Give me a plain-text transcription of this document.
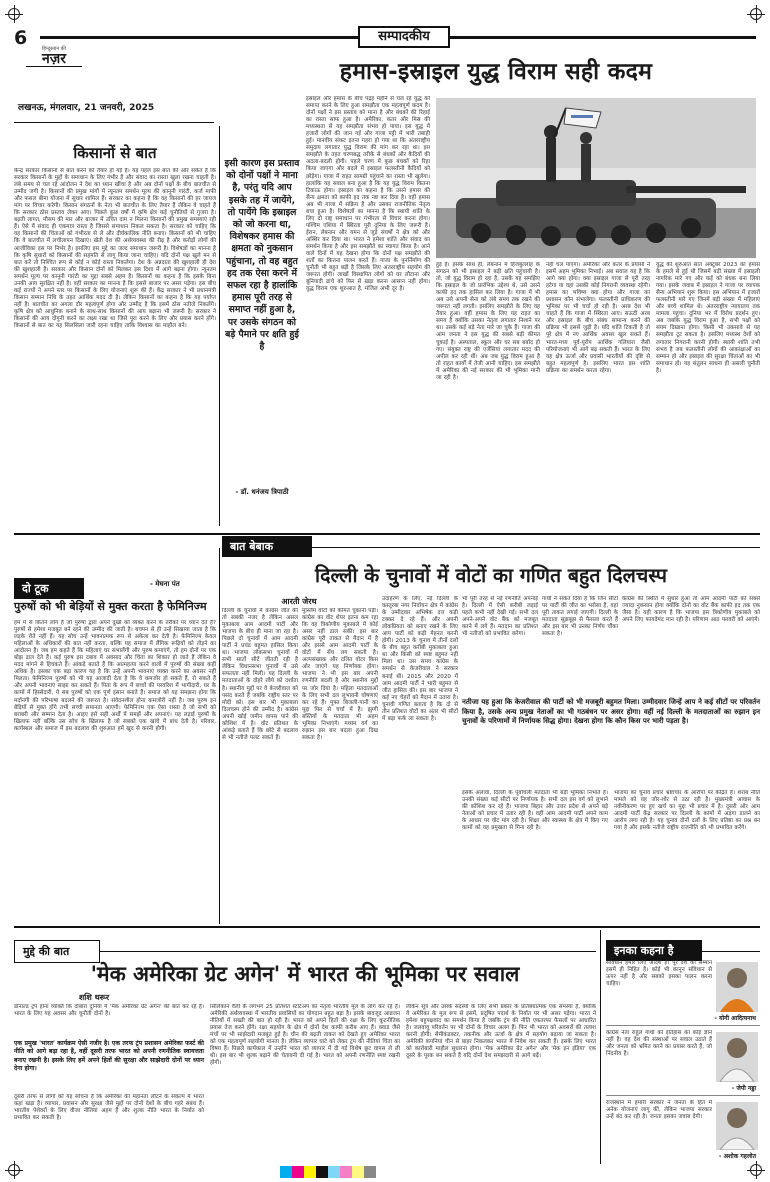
6	सम्पादकीय
हिन्दुस्तान की
नज़र
लखनऊ, मंगलवार, 21 जनवरी, 2025
हमास-इस्राइल युद्ध विराम सही कदम
किसानों से बात
केन्द्र सरकार किसानों से बात करने को तैयार हो गई है। यह पहल इस बात की ओर संकेत है कि सरकार किसानों के मुद्दों के समाधान के लिए गंभीर है और संवाद का रास्ता खुला रखना चाहती है। लंबे समय से चल रहे आंदोलन ने देश का ध्यान खींचा है और अब दोनों पक्षों के बीच बातचीत से उम्मीद जगी है। किसानों की प्रमुख मांगों में न्यूनतम समर्थन मूल्य की कानूनी गारंटी, कर्ज माफी और फसल बीमा योजना में सुधार शामिल हैं। सरकार का कहना है कि वह किसानों की हर जायज मांग पर विचार करेगी। किसान संगठनों के नेता भी बातचीत के लिए तैयार हैं लेकिन वे चाहते हैं कि सरकार ठोस प्रस्ताव लेकर आए। पिछले कुछ वर्षों में कृषि क्षेत्र कई चुनौतियों से गुजरा है। बढ़ती लागत, मौसम की मार और बाजार में उचित दाम न मिलना किसानों की प्रमुख समस्याएं रही हैं। ऐसे में संवाद ही एकमात्र रास्ता है जिससे समाधान निकल सकता है। सरकार को चाहिए कि वह किसानों की चिंताओं को गंभीरता से ले और दीर्घकालिक नीति बनाए। किसानों को भी चाहिए कि वे बातचीत में लचीलापन दिखाएं। खेती देश की अर्थव्यवस्था की रीढ़ है और करोड़ों लोगों की आजीविका इस पर निर्भर है। इसलिए इस मुद्दे का जल्द समाधान जरूरी है। विशेषज्ञों का मानना है कि कृषि सुधारों को किसानों की सहमति से लागू किया जाना चाहिए। यदि दोनों पक्ष खुले मन से बात करें तो निश्चित रूप से कोई न कोई रास्ता निकलेगा। देश के अन्नदाता की खुशहाली ही देश की खुशहाली है। सरकार और किसान दोनों को मिलकर इस दिशा में आगे बढ़ना होगा। न्यूनतम समर्थन मूल्य पर कानूनी गारंटी का मुद्दा सबसे अहम है। किसानों का कहना है कि इसके बिना उनकी आय सुरक्षित नहीं है। वहीं सरकार का मानना है कि इससे बाजार पर असर पड़ेगा। इस बीच कई राज्यों ने अपने स्तर पर किसानों के लिए योजनाएं शुरू की हैं। केंद्र सरकार ने भी प्रधानमंत्री किसान सम्मान निधि के तहत आर्थिक मदद दी है। लेकिन किसानों का कहना है कि यह पर्याप्त नहीं है। बातचीत का अगला दौर महत्वपूर्ण होगा और उम्मीद है कि इसमें ठोस नतीजे निकलेंगे। कृषि क्षेत्र को आधुनिक बनाने के साथ-साथ किसानों की आय बढ़ाना भी जरूरी है। सरकार ने किसानों की आय दोगुनी करने का लक्ष्य रखा था जिसे पूरा करने के लिए और प्रयास करने होंगे। किसानों से बात का यह सिलसिला जारी रहना चाहिए ताकि विश्वास का माहौल बने।
इसी कारण इस प्रस्ताव को दोनों पक्षों ने माना है, परंतु यदि आप इसके तह में जायेंगे, तो पायेंगे कि इस्राइल को जो करना था, विशेषकर हमास की क्षमता को नुकसान पहुंचाना, तो वह बहुत हद तक ऐसा करने में सफल रहा है हालांकि हमास पूरी तरह से समाप्त नहीं हुआ है, पर उसके संगठन को बड़े पैमाने पर क्षति हुई है
- डॉ. धनंजय त्रिपाठी
इस्राइल और हमास के बीच पंद्रह महीने से चल रहे युद्ध को समाप्त करने के लिए हुआ समझौता एक महत्वपूर्ण कदम है। दोनों पक्षों ने इस प्रस्ताव को माना है और बंधकों की रिहाई का रास्ता साफ हुआ है। अमेरिका, कतर और मिस्र की मध्यस्थता से यह समझौता संभव हो पाया। इस युद्ध में हजारों लोगों की जान गई और गाजा पट्टी में भारी तबाही हुई। मानवीय संकट इतना गहरा हो गया था कि अंतरराष्ट्रीय समुदाय लगातार युद्ध विराम की मांग कर रहा था। इस समझौते के तहत चरणबद्ध तरीके से बंधकों और कैदियों की अदला-बदली होगी। पहले चरण में कुछ बंधकों को रिहा किया जाएगा और बदले में इस्राइल फलस्तीनी कैदियों को छोड़ेगा। गाजा में राहत सामग्री पहुंचाने का रास्ता भी खुलेगा। हालांकि यह सवाल बना हुआ है कि यह युद्ध विराम कितना टिकाऊ होगा। इस्राइल का कहना है कि उसने हमास की सैन्य क्षमता को काफी हद तक नष्ट कर दिया है। वहीं हमास अब भी गाजा में सक्रिय है और उसका राजनीतिक नेतृत्व बचा हुआ है। विशेषज्ञों का मानना है कि स्थायी शांति के लिए दो राष्ट्र समाधान पर गंभीरता से विचार करना होगा। पश्चिम एशिया में स्थिरता पूरी दुनिया के लिए जरूरी है। ईरान, लेबनान और यमन से जुड़े संघर्षों ने क्षेत्र को और अस्थिर कर दिया था। भारत ने हमेशा शांति और संवाद का समर्थन किया है और इस समझौते का स्वागत किया है। आने वाले दिनों में यह देखना होगा कि दोनों पक्ष समझौते की शर्तों का कितना पालन करते हैं। गाजा के पुनर्निर्माण की चुनौती भी बहुत बड़ी है जिसके लिए अंतरराष्ट्रीय सहयोग की जरूरत होगी। लाखों विस्थापित लोगों को घर लौटाना और बुनियादी ढांचे को फिर से खड़ा करना आसान नहीं होगा। युद्ध विराम एक शुरुआत है, मंजिल अभी दूर है।
हुई है। इसके साथ ही, लेबनान में हिजबुल्लाह के संगठन को भी इस्राइल ने बड़ी क्षति पहुंचायी है। तो, जो युद्ध विराम हो रहा है, उसके यह समझिए कि इस्राइल के जो प्रारंभिक उद्देश्य थे, उसे उसने काफी हद तक हासिल कर लिया है। गाजा में भी अब उसे अपनी सेना को लंबे समय तक रखने की जरूरत नहीं लगती। इसलिए समझौते के लिए वह तैयार हुआ। वहीं हमास के लिए यह राहत का समय है क्योंकि उसका नेतृत्व लगातार निशाने पर था। उसके कई बड़े नेता मारे जा चुके हैं। गाजा की आम जनता ने इस युद्ध की सबसे बड़ी कीमत चुकाई है। अस्पताल, स्कूल और घर सब बर्बाद हो गए। संयुक्त राष्ट्र की एजेंसियां लगातार मदद की अपील कर रही थीं। अब जब युद्ध विराम हुआ है तो राहत कार्यों में तेजी आनी चाहिए। इस समझौते में अमेरिका की नई सरकार की भी भूमिका मानी जा रही है।
नहीं चल पाएगा। अमेरिका और कतर के प्रयासों ने इसमें अहम भूमिका निभाई। अब सवाल यह है कि आगे क्या होगा। क्या इस्राइल गाजा से पूरी तरह हटेगा या वहां उसकी कोई निगरानी व्यवस्था रहेगी। हमास का भविष्य क्या होगा और गाजा का प्रशासन कौन संभालेगा। फलस्तीनी प्राधिकरण की भूमिका पर भी चर्चा हो रही है। अरब देश भी चाहते हैं कि गाजा में स्थिरता आए। सऊदी अरब और इस्राइल के बीच संबंध सामान्य करने की प्रक्रिया भी इससे जुड़ी है। यदि शांति टिकती है तो पूरे क्षेत्र में नए आर्थिक अवसर खुल सकते हैं। भारत-मध्य पूर्व-यूरोप आर्थिक गलियारा जैसी परियोजनाएं भी आगे बढ़ सकती हैं। भारत के लिए यह क्षेत्र ऊर्जा और प्रवासी भारतीयों की दृष्टि से बहुत महत्वपूर्ण है। इसलिए भारत इस शांति प्रक्रिया का समर्थन करता रहेगा।
युद्ध की शुरुआत सात अक्टूबर 2023 को हमास के हमले से हुई थी जिसमें बड़ी संख्या में इस्राइली नागरिक मारे गए और कई को बंधक बना लिया गया। इसके जवाब में इस्राइल ने गाजा पर व्यापक सैन्य अभियान शुरू किया। इस अभियान में हजारों फलस्तीनी मारे गए जिनमें बड़ी संख्या में महिलाएं और बच्चे शामिल थे। अंतरराष्ट्रीय न्यायालय तक मामला पहुंचा। दुनिया भर में विरोध प्रदर्शन हुए। अब जबकि युद्ध विराम हुआ है, सभी पक्षों को संयम दिखाना होगा। किसी भी उकसावे से यह समझौता टूट सकता है। इसलिए मध्यस्थ देशों को लगातार निगरानी करनी होगी। स्थायी शांति तभी संभव है जब फलस्तीनी लोगों की आकांक्षाओं का सम्मान हो और इस्राइल की सुरक्षा चिंताओं का भी समाधान हो। यह संतुलन साधना ही असली चुनौती है।
बात बेबाक
दो टूक	- मेघना पंत
पुरुषों को भी बेड़ियों से मुक्त करता है फेमिनिज्म
हम में से कितने लोग हैं जो पुरुषों द्वारा अपने दुखों को व्यक्त करने के तरीकों पर ध्यान देते हैं? पुरुषों से हमेशा मजबूत बने रहने की उम्मीद की जाती है। बचपन से ही उन्हें सिखाया जाता है कि लड़के रोते नहीं हैं। यह सोच उन्हें भावनात्मक रूप से अकेला कर देती है। फेमिनिज्म केवल महिलाओं के अधिकारों की बात नहीं करता, बल्कि यह समाज में लैंगिक रूढ़ियों को तोड़ने का आंदोलन है। जब हम कहते हैं कि महिलाएं घर संभालेंगी और पुरुष कमाएंगे, तो हम दोनों पर एक बोझ डाल देते हैं। कई पुरुष इस दबाव में अवसाद और चिंता का शिकार हो जाते हैं लेकिन वे मदद मांगने से हिचकते हैं। आंकड़े बताते हैं कि आत्महत्या करने वालों में पुरुषों की संख्या कहीं अधिक है। इसका एक बड़ा कारण यह है कि उन्हें अपनी भावनाएं व्यक्त करने का अवसर नहीं मिलता। फेमिनिज्म पुरुषों को भी यह आजादी देता है कि वे कमजोर हो सकते हैं, रो सकते हैं और अपनी भावनाएं साझा कर सकते हैं। पिता के रूप में बच्चों की परवरिश में भागीदारी, घर के कामों में हिस्सेदारी, ये सब पुरुषों को एक पूर्ण इंसान बनाते हैं। समाज को यह समझना होगा कि मर्दानगी की परिभाषा बदलने की जरूरत है। संवेदनशील होना कमजोरी नहीं है। जब पुरुष इन बेड़ियों से मुक्त होंगे तभी सच्ची समानता आएगी। फेमिनिज्म एक ऐसा रास्ता है जो सभी को बराबरी और सम्मान देता है। आइए इसे सही अर्थों में समझें और अपनाएं। यह लड़ाई पुरुषों के खिलाफ नहीं बल्कि उस सोच के खिलाफ है जो सबको एक खांचे में बांध देती है। परिवार, कार्यस्थल और समाज में इस बदलाव की शुरुआत हमें खुद से करनी होगी।
दिल्ली के चुनावों में वोटों का गणित बहुत दिलचस्प
आरती जेरथ
दिल्ली के चुनावों में कांग्रेस जीत की तो सबकी नजर है लेकिन असल मुकाबला आम आदमी पार्टी और भाजपा के बीच ही माना जा रहा है। पिछले दो चुनावों में आम आदमी पार्टी ने प्रचंड बहुमत हासिल किया था। भाजपा लोकसभा चुनावों में सभी सातों सीटें जीतती रही है लेकिन विधानसभा चुनावों में उसे सफलता नहीं मिली। यह दिल्ली के मतदाताओं के दोहरे रवैये को दर्शाता है। स्थानीय मुद्दों पर वे केजरीवाल को पसंद करते हैं जबकि राष्ट्रीय स्तर पर मोदी को। इस बार भी मुकाबला दिलचस्प होने की उम्मीद है। कांग्रेस अपनी खोई जमीन वापस पाने की कोशिश में है। वोट प्रतिशत के आंकड़े बताते हैं कि छोटे से बदलाव से भी नतीजे पलट सकते हैं।
मुस्लिम वोटों को कीमत चुकानी पड़ी। कांग्रेस का वोट शेयर इतना कम रहा कि वह त्रिकोणीय मुकाबले में कोई असर नहीं डाल सकी। इस बार कांग्रेस पूरी ताकत से मैदान में है और इससे आम आदमी पार्टी के वोटों में सेंध लग सकती है। अल्पसंख्यक और दलित वोटर किस ओर जाएंगे यह निर्णायक होगा। भाजपा ने भी इस बार अपनी रणनीति बदली है और स्थानीय मुद्दों पर जोर दिया है। महिला मतदाताओं के लिए सभी दल लुभावनी घोषणाएं कर रहे हैं। मुफ्त बिजली-पानी का मुद्दा फिर से चर्चा में है। झुग्गी बस्तियों के मतदाता भी अहम भूमिका निभाएंगे। मध्यम वर्ग का रुझान इस बार बदला हुआ दिख सकता है।
उदाहरण के लिए, नई दिल्ली के कस्तूरबा नगर निर्वाचन क्षेत्र में कांग्रेस के उम्मीदवार अभिषेक दत्त कड़ी टक्कर दे रहे हैं। और अपनी लोकप्रियता को बनाए रखने के लिए आप पार्टी को कड़ी मेहनत करनी होगी। 2013 के चुनाव में तीनों दलों के बीच बहुत करीबी मुकाबला हुआ था और किसी को स्पष्ट बहुमत नहीं मिला था। उस समय कांग्रेस के समर्थन से केजरीवाल ने सरकार बनाई थी। 2015 और 2020 में आम आदमी पार्टी ने भारी बहुमत से जीत हासिल की। इस बार भाजपा ने कई नए चेहरों को मैदान में उतारा है। चुनावी गणित बताता है कि दो से तीन प्रतिशत वोटों का अंतर भी सीटों में बड़ा फर्क ला सकता है।
भी पूरी तरह से नई रणनीति अपनाई है। दिल्ली में ऐसी करीबी लड़ाई पहले कभी नहीं देखी गई। सभी दल अपने-अपने वोट बैंक को मजबूत करने में लगे हैं। मतदान का प्रतिशत भी नतीजों को प्रभावित करेगा।
गांधी ने संकेत दिया है कि जिन सीटों पर पार्टी की जीत का भरोसा है, वहां पूरी ताकत लगाई जाएगी। दिल्ली के मतदाता सूझबूझ से फैसला करते हैं और इस बार भी उनका निर्णय चौंका सकता है।
कांग्रेस की स्थिति में सुधार हुआ तो आम आदमी पार्टी को सबसे ज्यादा नुकसान होगा क्योंकि दोनों का वोट बैंक काफी हद तक एक जैसा है। यही कारण है कि भाजपा इस त्रिकोणीय मुकाबले को अपने लिए फायदेमंद मान रही है। परिणाम आठ फरवरी को आएंगे।
नतीजा यह हुआ कि केजरीवाल की पार्टी को भी मजबूरी बहुमत मिला। उम्मीदवार जिन्हें आप ने कई सीटों पर परिवर्तन किया है, उसके अन्य प्रमुख नेताओं का भी गठबंधन पर असर होगा। वहीं नई दिल्ली के मतदाताओं का रुझान इन चुनावों के परिणामों में निर्णायक सिद्ध होगा। देखना होगा कि कौन किस पर भारी पड़ता है।
इसके अलावा, दिल्ली के पूर्वांचली मतदाता भी बड़ी भूमिका निभाते हैं। उनकी संख्या कई सीटों पर निर्णायक है। सभी दल इस वर्ग को लुभाने की कोशिश कर रहे हैं। भाजपा बिहार और उत्तर प्रदेश से अपने बड़े नेताओं को प्रचार में उतार रही है। वहीं आम आदमी पार्टी अपने काम के आधार पर वोट मांग रही है। शिक्षा और स्वास्थ्य के क्षेत्र में किए गए कामों को वह प्रमुखता से गिना रही है।
भाजपा का चुनाव प्रचार भ्रष्टाचार के आरोपों पर केंद्रित है। शराब नीति मामले को वह जोर-शोर से उठा रही है। मुख्यमंत्री आवास के नवीनीकरण पर हुए खर्च का मुद्दा भी प्रचार में है। दूसरी ओर आम आदमी पार्टी केंद्र सरकार पर दिल्ली के कामों में अड़ंगा डालने का आरोप लगा रही है। यह चुनाव दोनों दलों के लिए प्रतिष्ठा का प्रश्न बन गया है और इसके नतीजे राष्ट्रीय राजनीति को भी प्रभावित करेंगे।
मुद्दे की बात
'मेक अमेरिका ग्रेट अगेन' में भारत की भूमिका पर सवाल
शशि थरूर
डोनाल्ड ट्रंप होना व्यक्ति कि दोबारा दुनिया में 'मेक अमेरिका ग्रेट अगेन' की बात कर रहे हैं। भारत के लिए यह अवसर और चुनौती दोनों है।
एक प्रमुख 'भारत' कार्यक्रम ऐसी नजीर है। एक तरफ ट्रंप प्रशासन अमेरिका फर्स्ट की नीति को आगे बढ़ा रहा है, वहीं दूसरी तरफ भारत को अपनी रणनीतिक स्वायत्तता बनाए रखनी है। इसके लिए हमें अपने हितों की सुरक्षा और साझेदारी दोनों पर ध्यान देना होगा।
दूसरी तरफ से लोगों को यह सोचना है कि अमेरिका की महानता लौटने के संकल्प में भारत कहां खड़ा है। व्यापार, प्रवासन और सुरक्षा जैसे मुद्दों पर दोनों देशों के बीच गहरे संबंध हैं। भारतीय पेशेवरों के लिए वीजा नीतियां अहम हैं और शुल्क नीति भारत के निर्यात को प्रभावित कर सकती है।
सिलिकॉन वैली के लगभग 25 प्रतिशत स्टार्टअप का नेतृत्व भारतीय मूल के लोग कर रहे हैं। अमेरिकी अर्थव्यवस्था में भारतीय प्रवासियों का योगदान बहुत बड़ा है। इसके बावजूद आव्रजन नीतियों में सख्ती की बात हो रही है। भारत को अपने हितों की रक्षा के लिए कूटनीतिक प्रयास तेज करने होंगे। रक्षा सहयोग के क्षेत्र में दोनों देश काफी करीब आए हैं। क्वाड जैसे मंचों पर भी साझेदारी मजबूत हुई है। चीन की बढ़ती ताकत को देखते हुए अमेरिका भारत को एक महत्वपूर्ण सहयोगी मानता है। लेकिन व्यापार घाटे को लेकर ट्रंप की नीतियां चिंता का विषय हैं। पिछले कार्यकाल में उन्होंने भारत को व्यापार में दी गई विशेष छूट वापस ले ली थी। इस बार भी शुल्क बढ़ाने की चेतावनी दी गई है। भारत को अपनी रणनीति स्पष्ट रखनी होगी।
लेकिन सूत्र और उसके सदस्यों के लिए सभी प्रकार के प्रतिबंधात्मक एक समस्या है, क्योंकि ये अमेरिका के मूल रूप से इसमें, प्रदूषित पदार्थ के निर्यात पर भी असर पड़ेगा। भारत ने हमेशा बहुपक्षवाद का समर्थन किया है जबकि ट्रंप की नीति एकतरफा फैसलों पर आधारित है। जलवायु परिवर्तन पर भी दोनों के विचार अलग हैं। फिर भी भारत को अवसरों की तलाश करनी होगी। सेमीकंडक्टर, तकनीक और ऊर्जा के क्षेत्र में सहयोग बढ़ाया जा सकता है। अमेरिकी कंपनियां चीन से बाहर निकलकर भारत में निवेश कर सकती हैं। इसके लिए भारत को कारोबारी माहौल सुधारना होगा। 'मेक अमेरिका ग्रेट अगेन' और 'मेक इन इंडिया' एक दूसरे के पूरक बन सकते हैं यदि दोनों देश समझदारी से आगे बढ़ें।
इनका कहना है
संविधान हमारे लिए आदर्श है। पूरे देश का सम्मान इसमें ही निहित है। कोई भी कानून संविधान से ऊपर नहीं है और सबको इसका पालन करना चाहिए।
- योगी आदित्यनाथ
कांग्रेस नेता राहुल गांधी को इतिहास का कोई ज्ञान नहीं है। वह देश की संस्थाओं पर सवाल उठाते हैं और जनता को भ्रमित करने का प्रयास करते हैं, जो निंदनीय है।
- जेपी नड्डा
राजस्थान में हमारी सरकार ने जनता के हित में अनेक योजनाएं लागू कीं, लेकिन भाजपा सरकार उन्हें बंद कर रही है। जनता इसका जवाब देगी।
- अशोक गहलोत
